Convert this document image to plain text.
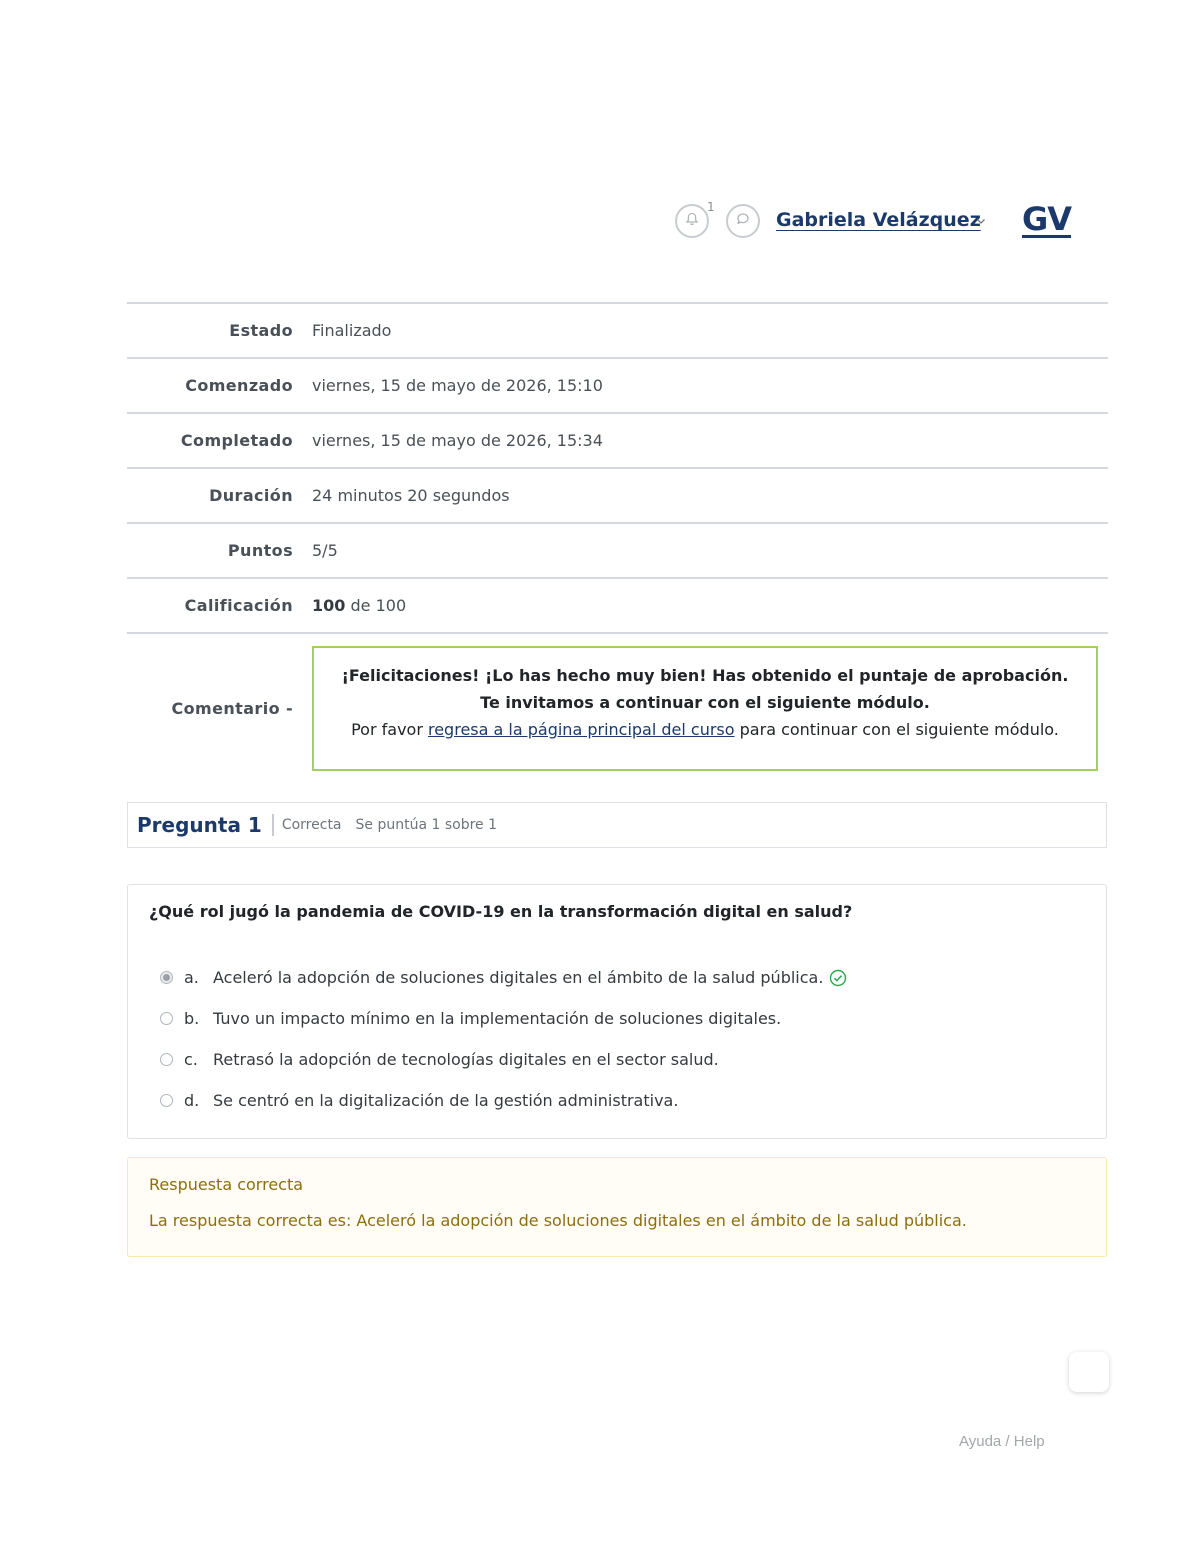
1
Gabriela Velázquez GV
Estado Finalizado
Comenzado viernes, 15 de mayo de 2026, 15:10
Completado viernes, 15 de mayo de 2026, 15:34
Duración 24 minutos 20 segundos
Puntos 5/5
Calificación 100 de 100
Comentario -
¡Felicitaciones! ¡Lo has hecho muy bien! Has obtenido el puntaje de aprobación. Te invitamos a continuar con el siguiente módulo.
Por favor regresa a la página principal del curso para continuar con el siguiente módulo.
Pregunta 1 Correcta Se puntúa 1 sobre 1
¿Qué rol jugó la pandemia de COVID-19 en la transformación digital en salud?
a. Aceleró la adopción de soluciones digitales en el ámbito de la salud pública.
b. Tuvo un impacto mínimo en la implementación de soluciones digitales.
c. Retrasó la adopción de tecnologías digitales en el sector salud.
d. Se centró en la digitalización de la gestión administrativa.
Respuesta correcta
La respuesta correcta es: Aceleró la adopción de soluciones digitales en el ámbito de la salud pública.
Ayuda / Help
